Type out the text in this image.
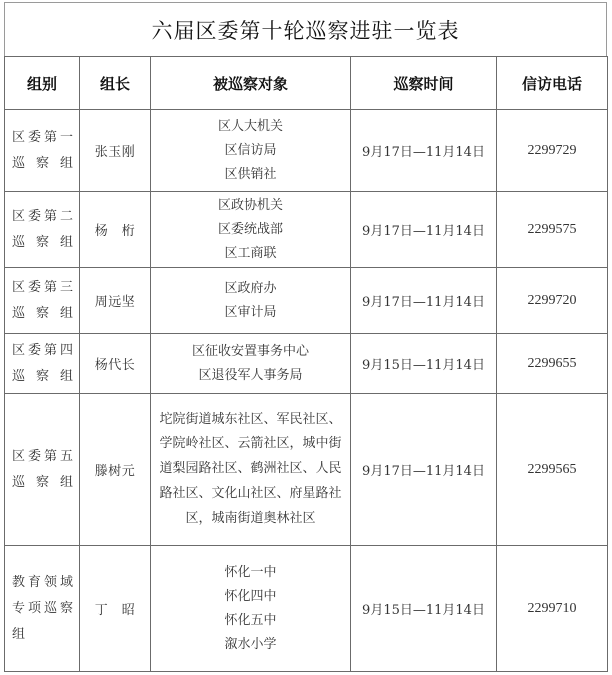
六届区委第十轮巡察进驻一览表
组别	组长	被巡察对象	巡察时间	信访电话

区委第一
巡察组	张玉刚	区人大机关
区信访局
区供销社	9月17日—11月14日	2299729

区委第二
巡察组	杨　桁	区政协机关
区委统战部
区工商联	9月17日—11月14日	2299575

区委第三
巡察组	周远坚	区政府办
区审计局	9月17日—11月14日	2299720

区委第四
巡察组	杨代长	区征收安置事务中心
区退役军人事务局	9月15日—11月14日	2299655

区委第五
巡察组	滕树元	坨院街道城东社区、军民社区、学院岭社区、云箭社区，城中街道梨园路社区、鹤洲社区、人民路社区、文化山社区、府星路社区，城南街道奥林社区	9月17日—11月14日	2299565

教育领域
专项巡察
组	丁　昭	怀化一中
怀化四中
怀化五中
溆水小学	9月15日—11月14日	2299710
